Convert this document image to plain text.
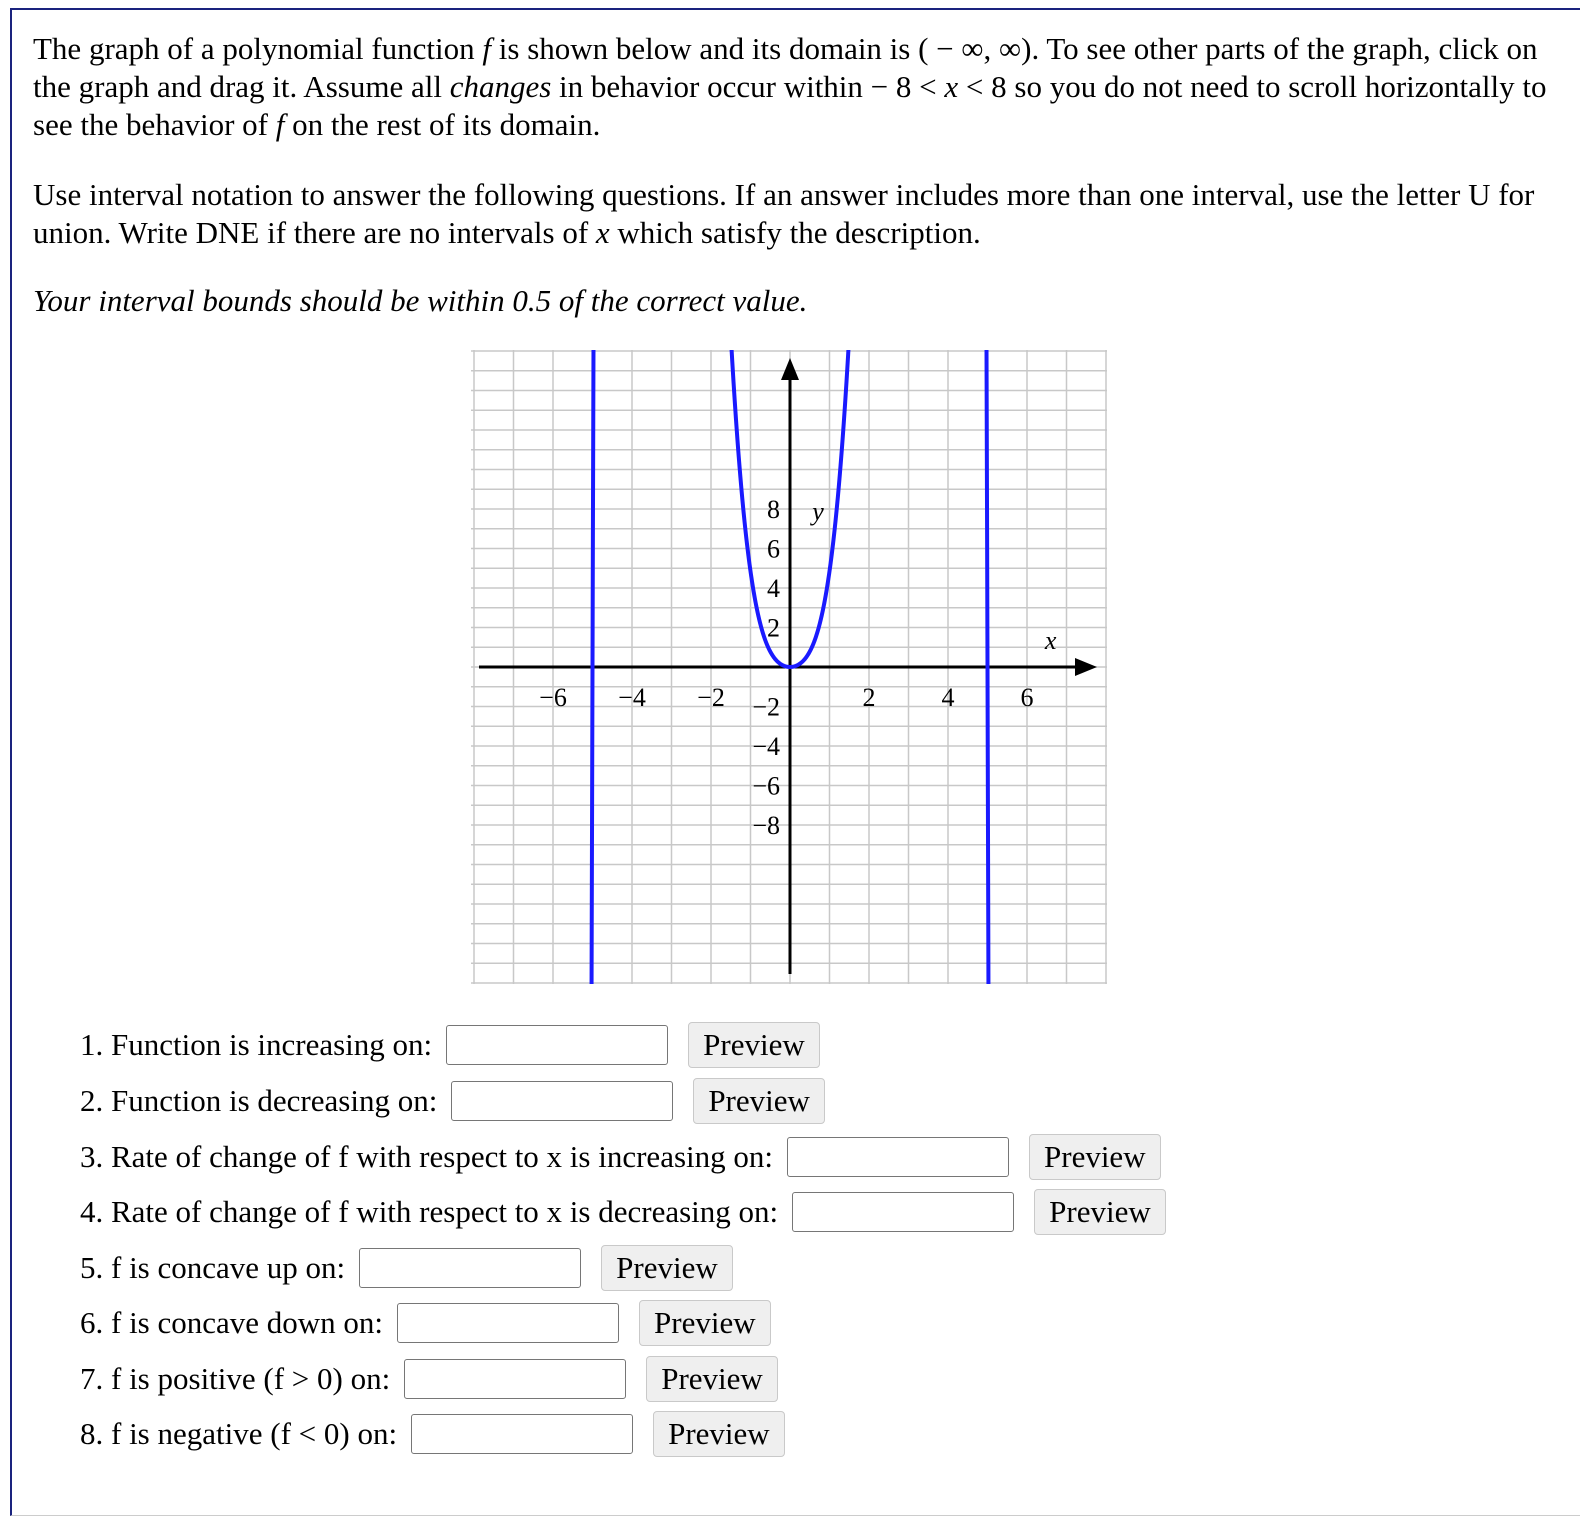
The graph of a polynomial function f is shown below and its domain is ( − ∞, ∞). To see other parts of the graph, click on the graph and drag it. Assume all changes in behavior occur within − 8 < x < 8 so you do not need to scroll horizontally to see the behavior of f on the rest of its domain.

Use interval notation to answer the following questions. If an answer includes more than one interval, use the letter U for union. Write DNE if there are no intervals of x which satisfy the description.

Your interval bounds should be within 0.5 of the correct value.

−6 −4 −2	2	4	6
8
6
4
2
−2
−4
−6
−8
x
y
1. Function is increasing on:	Preview
2. Function is decreasing on:	Preview
3. Rate of change of f with respect to x is increasing on:	Preview
4. Rate of change of f with respect to x is decreasing on:	Preview
5. f is concave up on:	Preview
6. f is concave down on:	Preview
7. f is positive (f > 0) on:	Preview
8. f is negative (f < 0) on:	Preview
